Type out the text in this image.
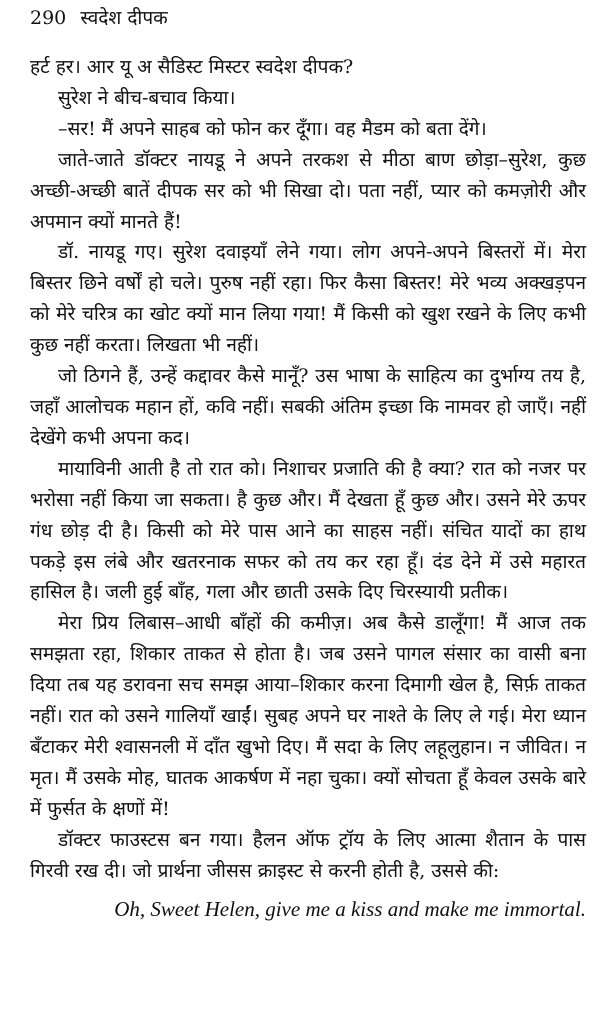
290 स्वदेश दीपक

हर्ट हर। आर यू अ सैडिस्ट मिस्टर स्वदेश दीपक?

सुरेश ने बीच-बचाव किया।

–सर! मैं अपने साहब को फोन कर दूँगा। वह मैडम को बता देंगे।

जाते-जाते डॉक्टर नायडू ने अपने तरकश से मीठा बाण छोड़ा–सुरेश, कुछ अच्छी-अच्छी बातें दीपक सर को भी सिखा दो। पता नहीं, प्यार को कमज़ोरी और अपमान क्यों मानते हैं!

डॉ. नायडू गए। सुरेश दवाइयाँ लेने गया। लोग अपने-अपने बिस्तरों में। मेरा बिस्तर छिने वर्षों हो चले। पुरुष नहीं रहा। फिर कैसा बिस्तर! मेरे भव्य अक्खड़पन को मेरे चरित्र का खोट क्यों मान लिया गया! मैं किसी को खुश रखने के लिए कभी कुछ नहीं करता। लिखता भी नहीं।

जो ठिगने हैं, उन्हें कद्दावर कैसे मानूँ? उस भाषा के साहित्य का दुर्भाग्य तय है, जहाँ आलोचक महान हों, कवि नहीं। सबकी अंतिम इच्छा कि नामवर हो जाएँ। नहीं देखेंगे कभी अपना कद।

मायाविनी आती है तो रात को। निशाचर प्रजाति की है क्या? रात को नजर पर भरोसा नहीं किया जा सकता। है कुछ और। मैं देखता हूँ कुछ और। उसने मेरे ऊपर गंध छोड़ दी है। किसी को मेरे पास आने का साहस नहीं। संचित यादों का हाथ पकड़े इस लंबे और खतरनाक सफर को तय कर रहा हूँ। दंड देने में उसे महारत हासिल है। जली हुई बाँह, गला और छाती उसके दिए चिरस्यायी प्रतीक।

मेरा प्रिय लिबास–आधी बाँहों की कमीज़। अब कैसे डालूँगा! मैं आज तक समझता रहा, शिकार ताकत से होता है। जब उसने पागल संसार का वासी बना दिया तब यह डरावना सच समझ आया–शिकार करना दिमागी खेल है, सिर्फ़ ताकत नहीं। रात को उसने गालियाँ खाईं। सुबह अपने घर नाश्ते के लिए ले गई। मेरा ध्यान बँटाकर मेरी श्वासनली में दाँत खुभो दिए। मैं सदा के लिए लहूलुहान। न जीवित। न मृत। मैं उसके मोह, घातक आकर्षण में नहा चुका। क्यों सोचता हूँ केवल उसके बारे में फुर्सत के क्षणों में!

डॉक्टर फाउस्टस बन गया। हैलन ऑफ ट्रॉय के लिए आत्मा शैतान के पास गिरवी रख दी। जो प्रार्थना जीसस क्राइस्ट से करनी होती है, उससे की:

Oh, Sweet Helen, give me a kiss and make me immortal.
